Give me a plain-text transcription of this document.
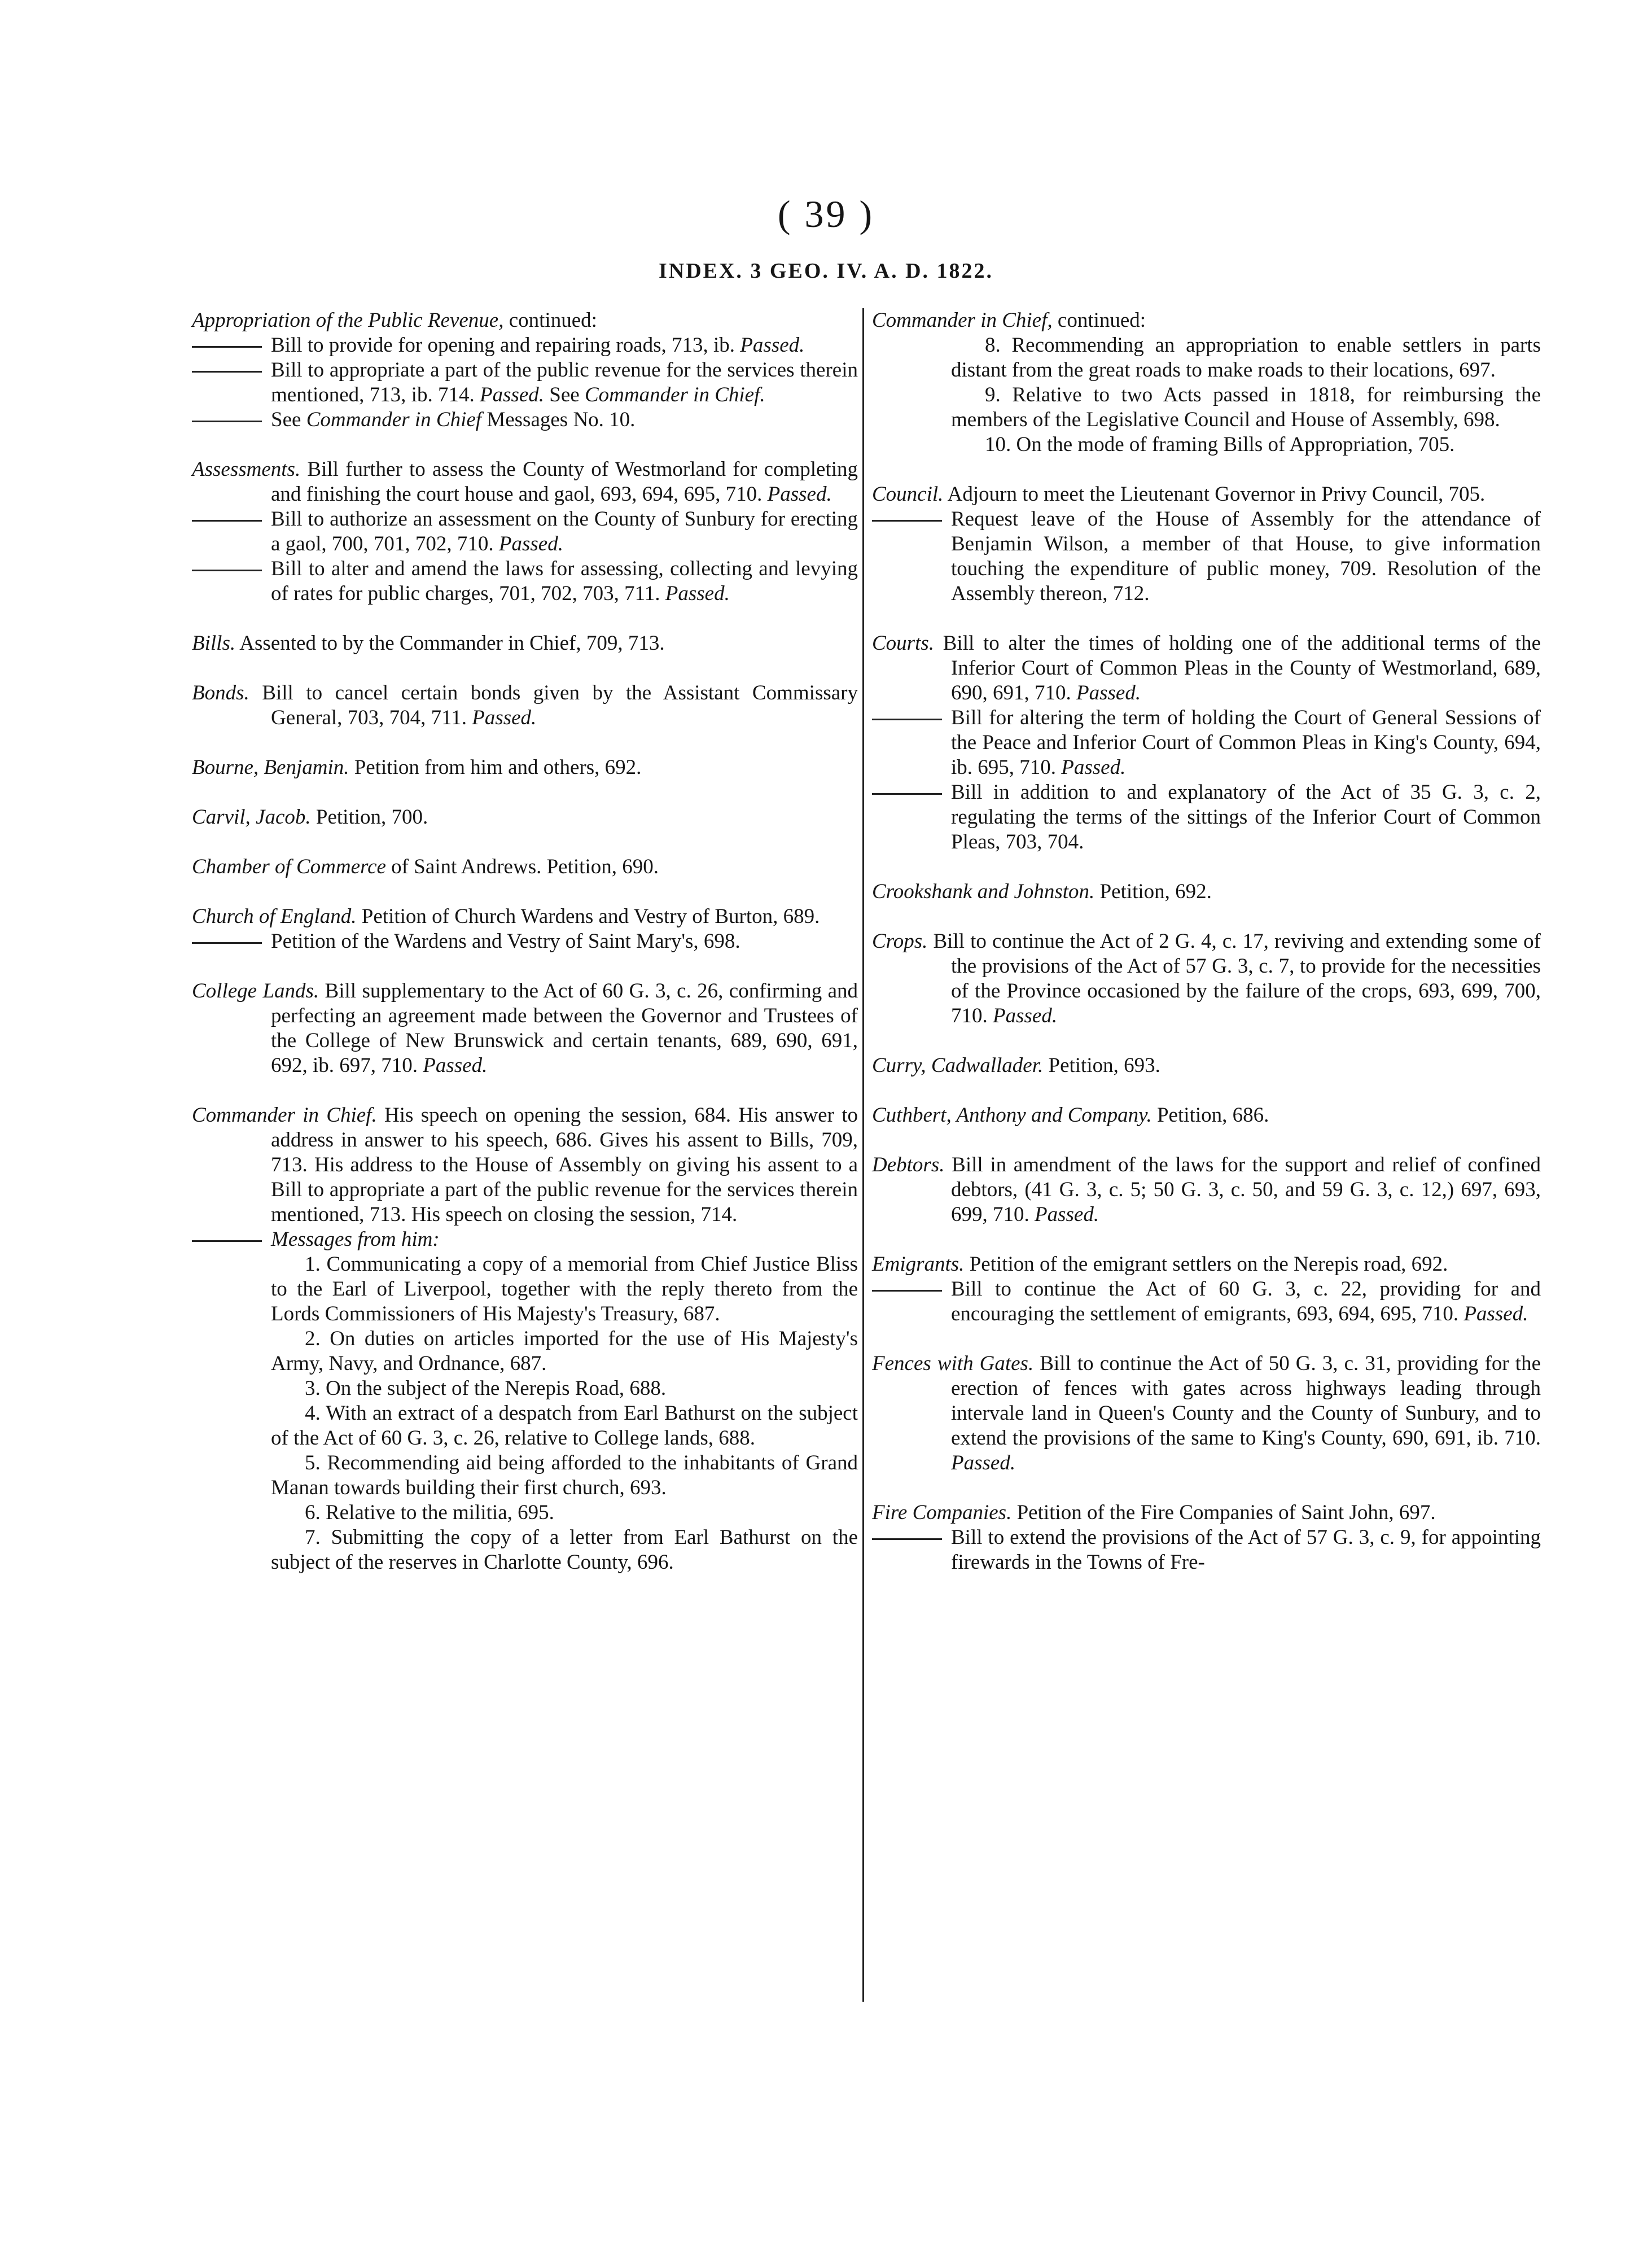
( 39 )
INDEX. 3 GEO. IV. A. D. 1822.
Appropriation of the Public Revenue, continued:
Bill to provide for opening and repairing roads, 713, ib. Passed.
Bill to appropriate a part of the public revenue for the services therein mentioned, 713, ib. 714. Passed. See Commander in Chief.
See Commander in Chief Messages No. 10.
Assessments. Bill further to assess the County of Westmorland for completing and finishing the court house and gaol, 693, 694, 695, 710. Passed.
Bill to authorize an assessment on the County of Sunbury for erecting a gaol, 700, 701, 702, 710. Passed.
Bill to alter and amend the laws for assessing, collecting and levying of rates for public charges, 701, 702, 703, 711. Passed.
Bills. Assented to by the Commander in Chief, 709, 713.
Bonds. Bill to cancel certain bonds given by the Assistant Commissary General, 703, 704, 711. Passed.
Bourne, Benjamin. Petition from him and others, 692.
Carvil, Jacob. Petition, 700.
Chamber of Commerce of Saint Andrews. Petition, 690.
Church of England. Petition of Church Wardens and Vestry of Burton, 689.
Petition of the Wardens and Vestry of Saint Mary's, 698.
College Lands. Bill supplementary to the Act of 60 G. 3, c. 26, confirming and perfecting an agreement made between the Governor and Trustees of the College of New Brunswick and certain tenants, 689, 690, 691, 692, ib. 697, 710. Passed.
Commander in Chief. His speech on opening the session, 684. His answer to address in answer to his speech, 686. Gives his assent to Bills, 709, 713. His address to the House of Assembly on giving his assent to a Bill to appropriate a part of the public revenue for the services therein mentioned, 713. His speech on closing the session, 714.
Messages from him:
1. Communicating a copy of a memorial from Chief Justice Bliss to the Earl of Liverpool, together with the reply thereto from the Lords Commissioners of His Majesty's Treasury, 687.
2. On duties on articles imported for the use of His Majesty's Army, Navy, and Ordnance, 687.
3. On the subject of the Nerepis Road, 688.
4. With an extract of a despatch from Earl Bathurst on the subject of the Act of 60 G. 3, c. 26, relative to College lands, 688.
5. Recommending aid being afforded to the inhabitants of Grand Manan towards building their first church, 693.
6. Relative to the militia, 695.
7. Submitting the copy of a letter from Earl Bathurst on the subject of the reserves in Charlotte County, 696.
Commander in Chief, continued:
8. Recommending an appropriation to enable settlers in parts distant from the great roads to make roads to their locations, 697.
9. Relative to two Acts passed in 1818, for reimbursing the members of the Legislative Council and House of Assembly, 698.
10. On the mode of framing Bills of Appropriation, 705.
Council. Adjourn to meet the Lieutenant Governor in Privy Council, 705.
Request leave of the House of Assembly for the attendance of Benjamin Wilson, a member of that House, to give information touching the expenditure of public money, 709. Resolution of the Assembly thereon, 712.
Courts. Bill to alter the times of holding one of the additional terms of the Inferior Court of Common Pleas in the County of Westmorland, 689, 690, 691, 710. Passed.
Bill for altering the term of holding the Court of General Sessions of the Peace and Inferior Court of Common Pleas in King's County, 694, ib. 695, 710. Passed.
Bill in addition to and explanatory of the Act of 35 G. 3, c. 2, regulating the terms of the sittings of the Inferior Court of Common Pleas, 703, 704.
Crookshank and Johnston. Petition, 692.
Crops. Bill to continue the Act of 2 G. 4, c. 17, reviving and extending some of the provisions of the Act of 57 G. 3, c. 7, to provide for the necessities of the Province occasioned by the failure of the crops, 693, 699, 700, 710. Passed.
Curry, Cadwallader. Petition, 693.
Cuthbert, Anthony and Company. Petition, 686.
Debtors. Bill in amendment of the laws for the support and relief of confined debtors, (41 G. 3, c. 5; 50 G. 3, c. 50, and 59 G. 3, c. 12,) 697, 693, 699, 710. Passed.
Emigrants. Petition of the emigrant settlers on the Nerepis road, 692.
Bill to continue the Act of 60 G. 3, c. 22, providing for and encouraging the settlement of emigrants, 693, 694, 695, 710. Passed.
Fences with Gates. Bill to continue the Act of 50 G. 3, c. 31, providing for the erection of fences with gates across highways leading through intervale land in Queen's County and the County of Sunbury, and to extend the provisions of the same to King's County, 690, 691, ib. 710. Passed.
Fire Companies. Petition of the Fire Companies of Saint John, 697.
Bill to extend the provisions of the Act of 57 G. 3, c. 9, for appointing firewards in the Towns of Fre-
